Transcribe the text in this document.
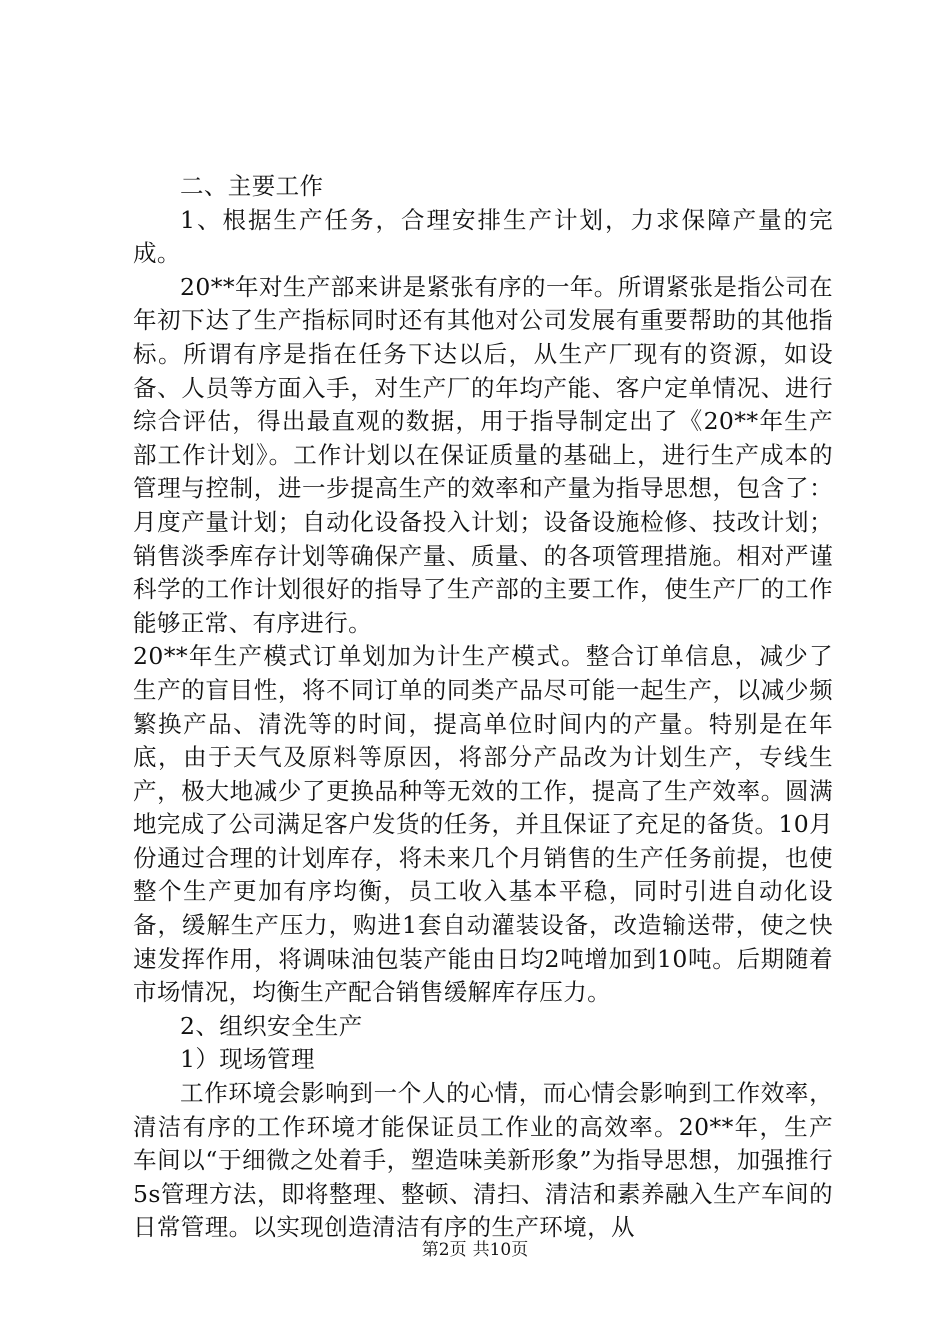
二、主要工作

1、根据生产任务，合理安排生产计划，力求保障产量的完成。

20**年对生产部来讲是紧张有序的一年。所谓紧张是指公司在年初下达了生产指标同时还有其他对公司发展有重要帮助的其他指标。所谓有序是指在任务下达以后，从生产厂现有的资源，如设备、人员等方面入手，对生产厂的年均产能、客户定单情况、进行综合评估，得出最直观的数据，用于指导制定出了《20**年生产部工作计划》。工作计划以在保证质量的基础上，进行生产成本的管理与控制，进一步提高生产的效率和产量为指导思想，包含了：月度产量计划；自动化设备投入计划；设备设施检修、技改计划；销售淡季库存计划等确保产量、质量、的各项管理措施。相对严谨科学的工作计划很好的指导了生产部的主要工作，使生产厂的工作能够正常、有序进行。

20**年生产模式订单划加为计生产模式。整合订单信息，减少了生产的盲目性，将不同订单的同类产品尽可能一起生产，以减少频繁换产品、清洗等的时间，提高单位时间内的产量。特别是在年底，由于天气及原料等原因，将部分产品改为计划生产，专线生产，极大地减少了更换品种等无效的工作，提高了生产效率。圆满地完成了公司满足客户发货的任务，并且保证了充足的备货。10月份通过合理的计划库存，将未来几个月销售的生产任务前提，也使整个生产更加有序均衡，员工收入基本平稳，同时引进自动化设备，缓解生产压力，购进1套自动灌装设备，改造输送带，使之快速发挥作用，将调味油包装产能由日均2吨增加到10吨。后期随着市场情况，均衡生产配合销售缓解库存压力。

2、组织安全生产

1）现场管理

工作环境会影响到一个人的心情，而心情会影响到工作效率，清洁有序的工作环境才能保证员工作业的高效率。20**年，生产车间以“于细微之处着手，塑造味美新形象”为指导思想，加强推行5s管理方法，即将整理、整顿、清扫、清洁和素养融入生产车间的日常管理。以实现创造清洁有序的生产环境，从

第2页 共10页
